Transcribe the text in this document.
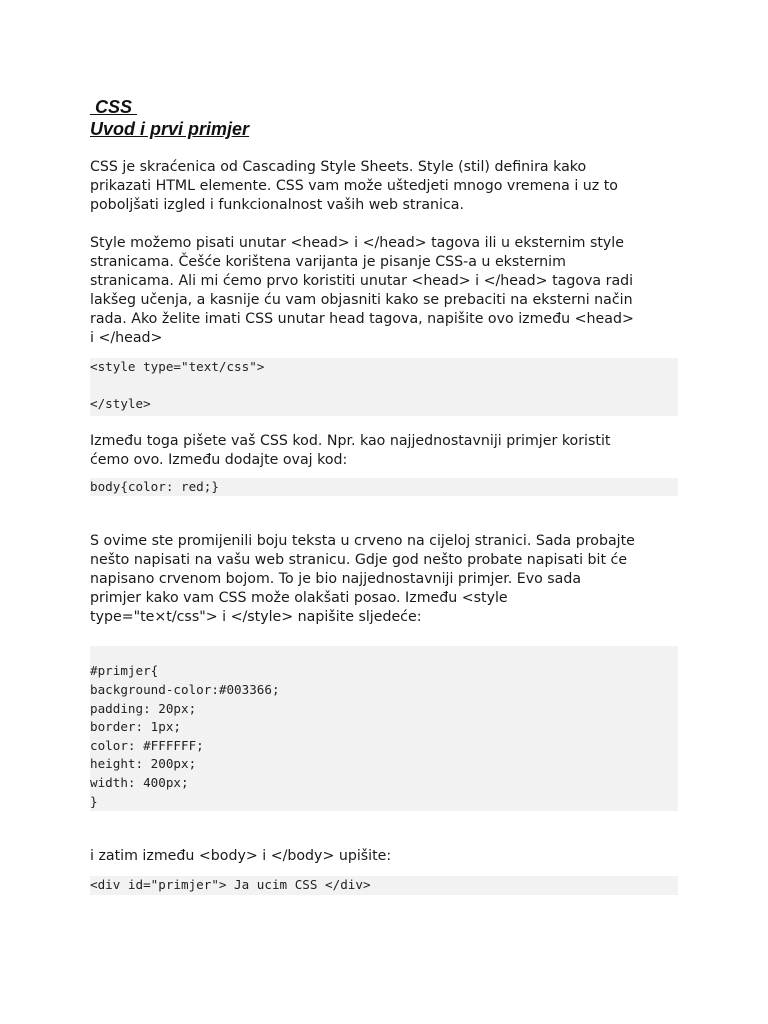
CSS
Uvod i prvi primjer

CSS je skraćenica od Cascading Style Sheets. Style (stil) definira kako
prikazati HTML elemente. CSS vam može uštedjeti mnogo vremena i uz to
poboljšati izgled i funkcionalnost vaših web stranica.

Style možemo pisati unutar <head> i </head> tagova ili u eksternim style
stranicama. Češće korištena varijanta je pisanje CSS-a u eksternim
stranicama. Ali mi ćemo prvo koristiti unutar <head> i </head> tagova radi
lakšeg učenja, a kasnije ću vam objasniti kako se prebaciti na eksterni način
rada. Ako želite imati CSS unutar head tagova, napišite ovo između <head>
i </head>

<style type="text/css">

</style>

Između toga pišete vaš CSS kod. Npr. kao najjednostavniji primjer koristit
ćemo ovo. Između dodajte ovaj kod:

body{color: red;}

S ovime ste promijenili boju teksta u crveno na cijeloj stranici. Sada probajte
nešto napisati na vašu web stranicu. Gdje god nešto probate napisati bit će
napisano crvenom bojom. To je bio najjednostavniji primjer. Evo sada
primjer kako vam CSS može olakšati posao. Između <style
type="te×t/css"> i </style> napišite sljedeće:

#primjer{
background-color:#003366;
padding: 20px;
border: 1px;
color: #FFFFFF;
height: 200px;
width: 400px;
}

i zatim između <body> i </body> upišite:

<div id="primjer"> Ja ucim CSS </div>
